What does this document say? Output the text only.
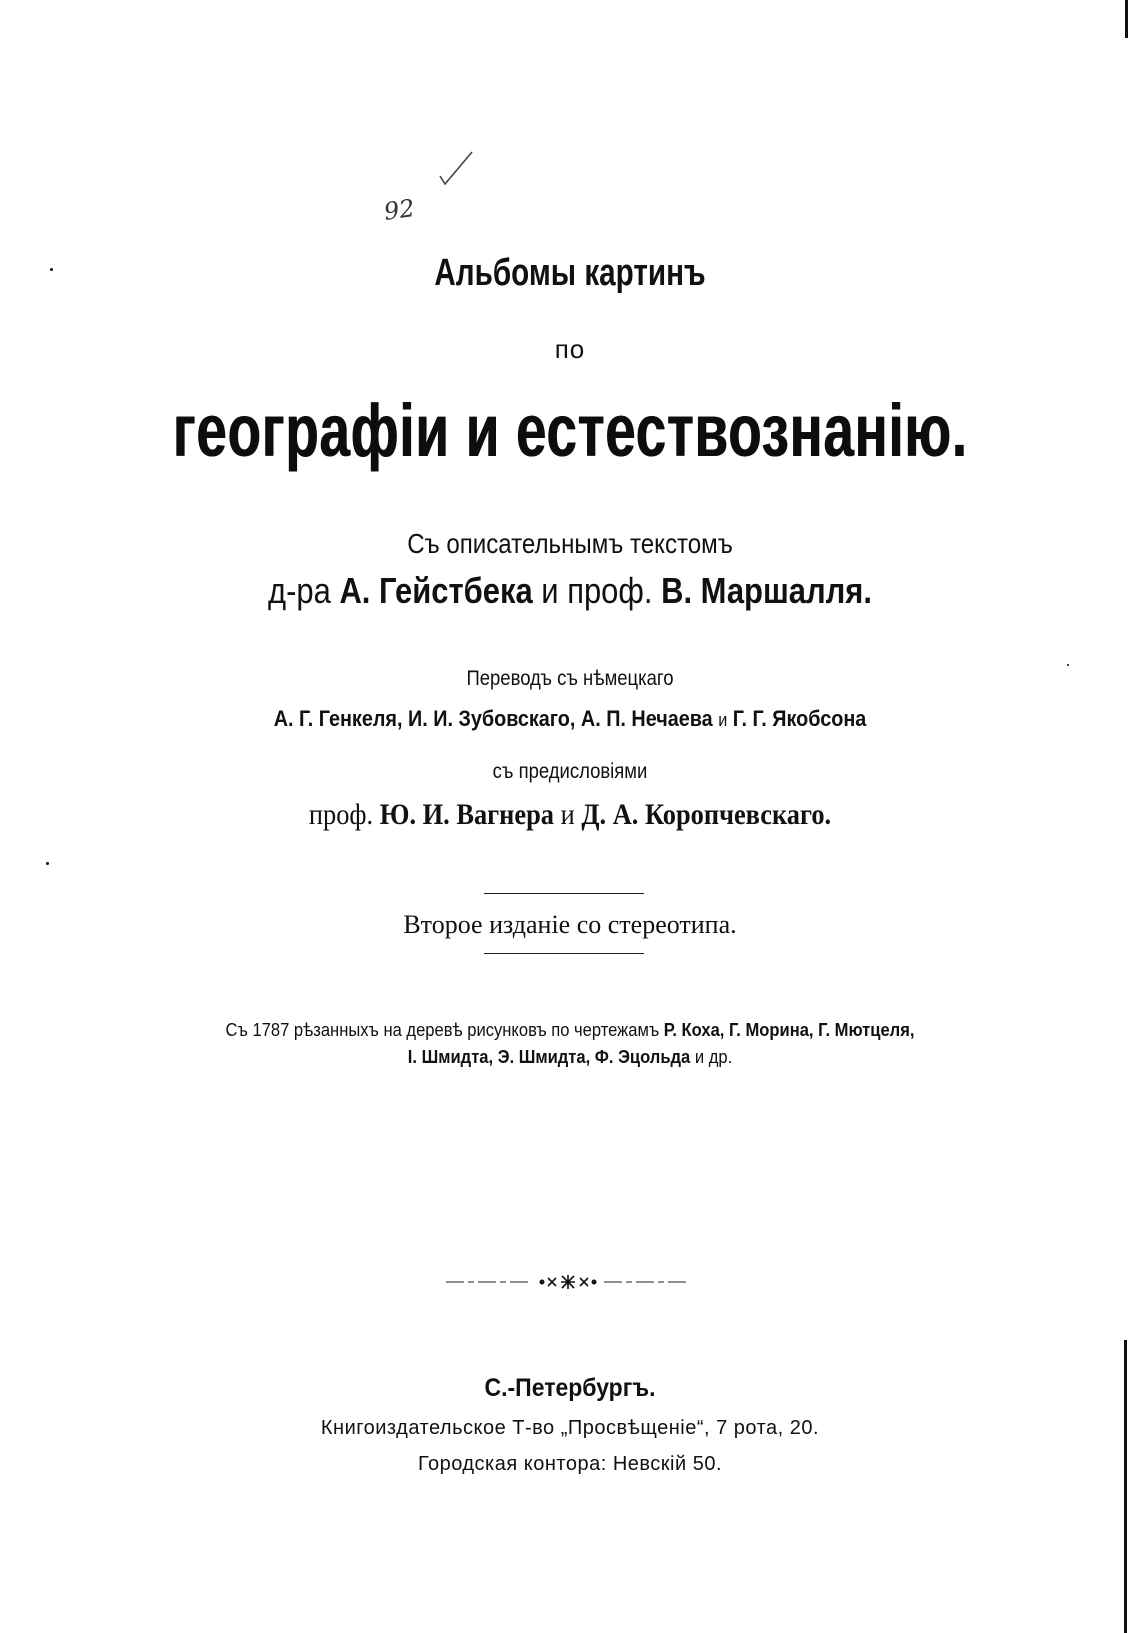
92
Альбомы картинъ
по
географіи и естествознанію.
Съ описательнымъ текстомъ
д-ра А. Гейстбека и проф. В. Маршалля.
Переводъ съ нѣмецкаго
А. Г. Генкеля, И. И. Зубовскаго, А. П. Нечаева и Г. Г. Якобсона
съ предисловіями
проф. Ю. И. Вагнера и Д. А. Коропчевскаго.
Второе изданіе со стереотипа.
Съ 1787 рѣзанныхъ на деревѣ рисунковъ по чертежамъ Р. Коха, Г. Морина, Г. Мютцеля,
І. Шмидта, Э. Шмидта, Ф. Эцольда и др.
С.-Петербургъ.
Книгоиздательское Т-во „Просвѣщеніе“, 7 рота, 20.
Городская контора: Невскій 50.
